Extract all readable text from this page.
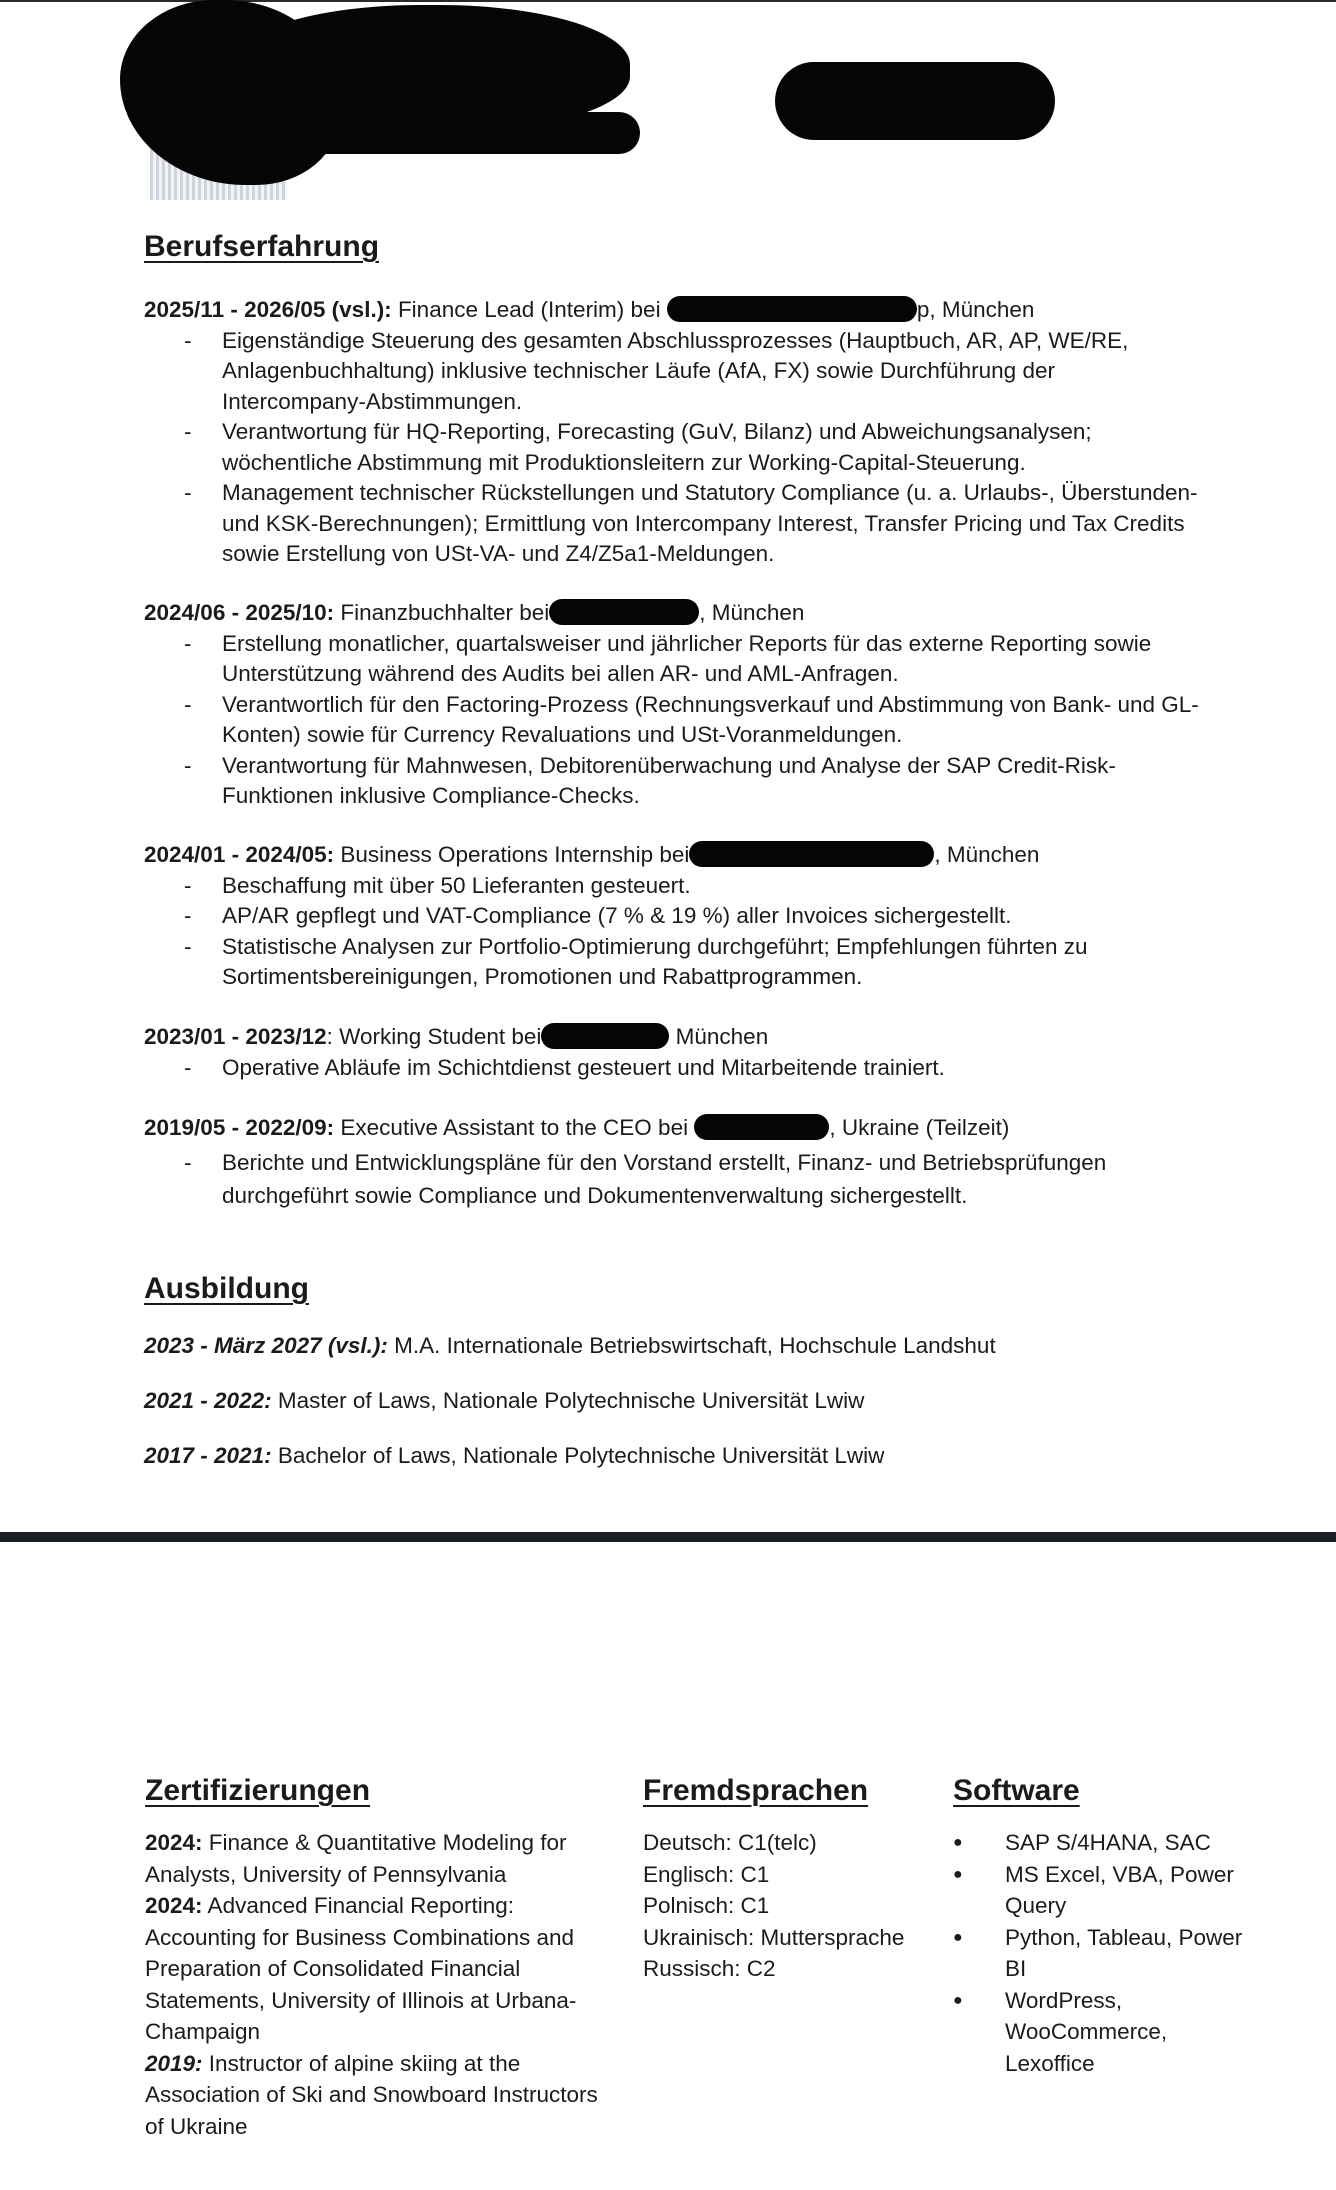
Berufserfahrung
2025/11 - 2026/05 (vsl.): Finance Lead (Interim) bei	p, München
- Eigenständige Steuerung des gesamten Abschlussprozesses (Hauptbuch, AR, AP, WE/RE, Anlagenbuchhaltung) inklusive technischer Läufe (AfA, FX) sowie Durchführung der Intercompany-Abstimmungen.
- Verantwortung für HQ-Reporting, Forecasting (GuV, Bilanz) und Abweichungsanalysen; wöchentliche Abstimmung mit Produktionsleitern zur Working-Capital-Steuerung.
- Management technischer Rückstellungen und Statutory Compliance (u. a. Urlaubs-, Überstunden- und KSK-Berechnungen); Ermittlung von Intercompany Interest, Transfer Pricing und Tax Credits sowie Erstellung von USt-VA- und Z4/Z5a1-Meldungen.
2024/06 - 2025/10: Finanzbuchhalter bei	, München
- Erstellung monatlicher, quartalsweiser und jährlicher Reports für das externe Reporting sowie Unterstützung während des Audits bei allen AR- und AML-Anfragen.
- Verantwortlich für den Factoring-Prozess (Rechnungsverkauf und Abstimmung von Bank- und GL-Konten) sowie für Currency Revaluations und USt-Voranmeldungen.
- Verantwortung für Mahnwesen, Debitorenüberwachung und Analyse der SAP Credit-Risk-Funktionen inklusive Compliance-Checks.
2024/01 - 2024/05: Business Operations Internship bei	, München
- Beschaffung mit über 50 Lieferanten gesteuert.
- AP/AR gepflegt und VAT-Compliance (7 % & 19 %) aller Invoices sichergestellt.
- Statistische Analysen zur Portfolio-Optimierung durchgeführt; Empfehlungen führten zu Sortimentsbereinigungen, Promotionen und Rabattprogrammen.
2023/01 - 2023/12: Working Student bei	München
- Operative Abläufe im Schichtdienst gesteuert und Mitarbeitende trainiert.
2019/05 - 2022/09: Executive Assistant to the CEO bei	, Ukraine (Teilzeit)
- Berichte und Entwicklungspläne für den Vorstand erstellt, Finanz- und Betriebsprüfungen durchgeführt sowie Compliance und Dokumentenverwaltung sichergestellt.
Ausbildung
2023 - März 2027 (vsl.): M.A. Internationale Betriebswirtschaft, Hochschule Landshut
2021 - 2022: Master of Laws, Nationale Polytechnische Universität Lwiw
2017 - 2021: Bachelor of Laws, Nationale Polytechnische Universität Lwiw
Zertifizierungen
2024: Finance & Quantitative Modeling for Analysts, University of Pennsylvania
2024: Advanced Financial Reporting: Accounting for Business Combinations and Preparation of Consolidated Financial Statements, University of Illinois at Urbana-Champaign
2019: Instructor of alpine skiing at the Association of Ski and Snowboard Instructors of Ukraine
Fremdsprachen
Deutsch: C1(telc)
Englisch: C1
Polnisch: C1
Ukrainisch: Muttersprache
Russisch: C2
Software
● SAP S/4HANA, SAC
● MS Excel, VBA, Power Query
● Python, Tableau, Power BI
● WordPress, WooCommerce, Lexoffice
